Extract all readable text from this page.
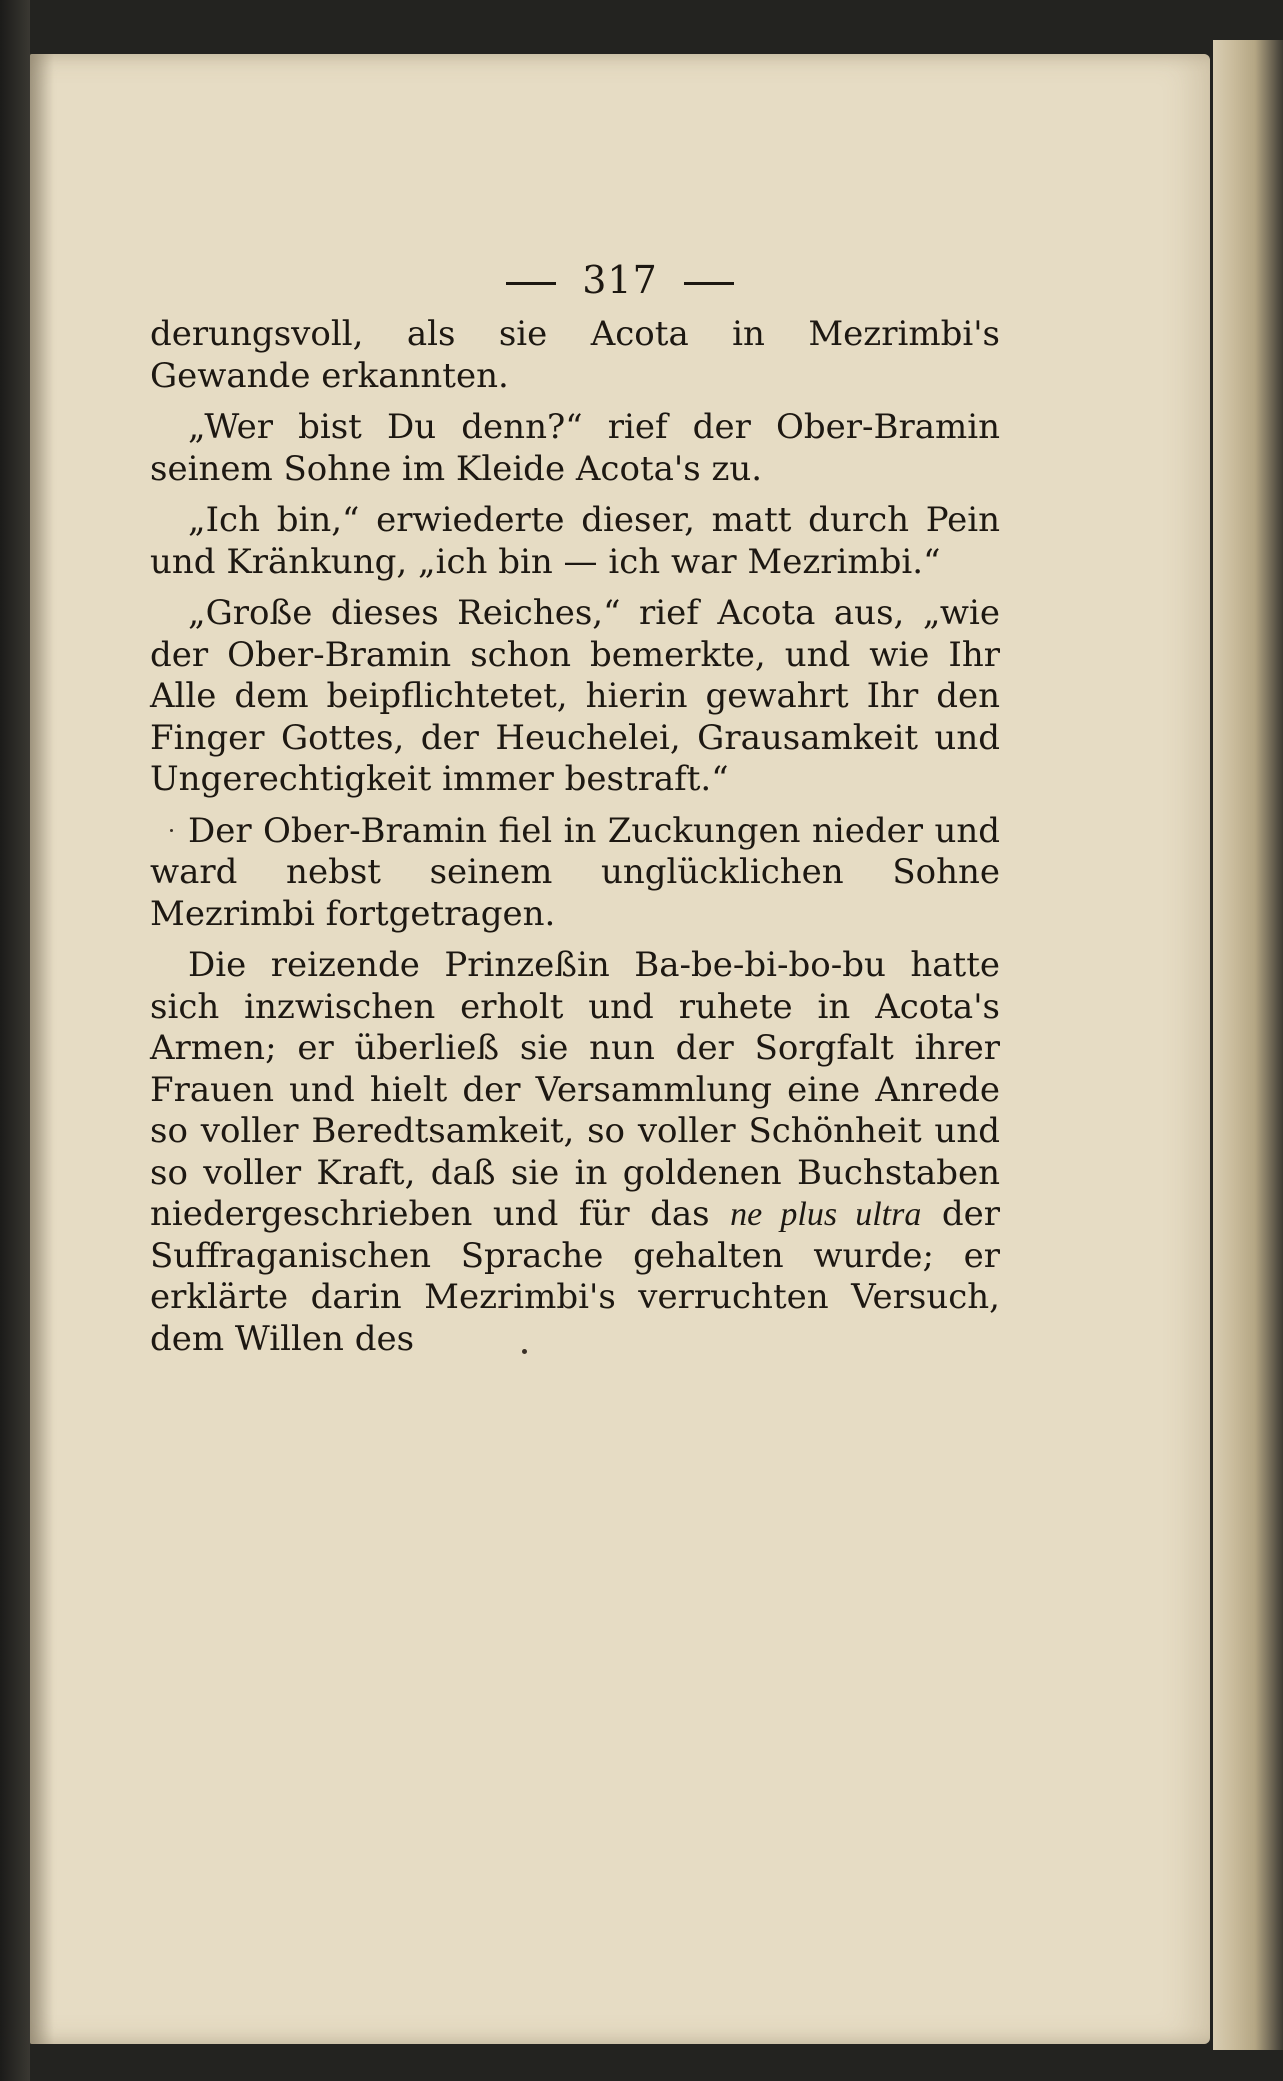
317

derungsvoll, als sie Acota in Mezrimbi's Gewande erkannten.

„Wer bist Du denn?“ rief der Ober-Bramin seinem Sohne im Kleide Acota's zu.

„Ich bin,“ erwiederte dieser, matt durch Pein und Kränkung, „ich bin — ich war Mezrimbi.“

„Große dieses Reiches,“ rief Acota aus, „wie der Ober-Bramin schon bemerkte, und wie Ihr Alle dem beipflichtetet, hierin gewahrt Ihr den Finger Gottes, der Heuchelei, Grausamkeit und Ungerechtigkeit immer bestraft.“

Der Ober-Bramin fiel in Zuckungen nieder und ward nebst seinem unglücklichen Sohne Mezrimbi fortgetragen.

Die reizende Prinzeßin Ba-be-bi-bo-bu hatte sich inzwischen erholt und ruhete in Acota's Armen; er überließ sie nun der Sorgfalt ihrer Frauen und hielt der Versammlung eine Anrede so voller Beredtsamkeit, so voller Schönheit und so voller Kraft, daß sie in goldenen Buchstaben niedergeschrieben und für das ne plus ultra der Suffraganischen Sprache gehalten wurde; er erklärte darin Mezrimbi's verruchten Versuch, dem Willen des
